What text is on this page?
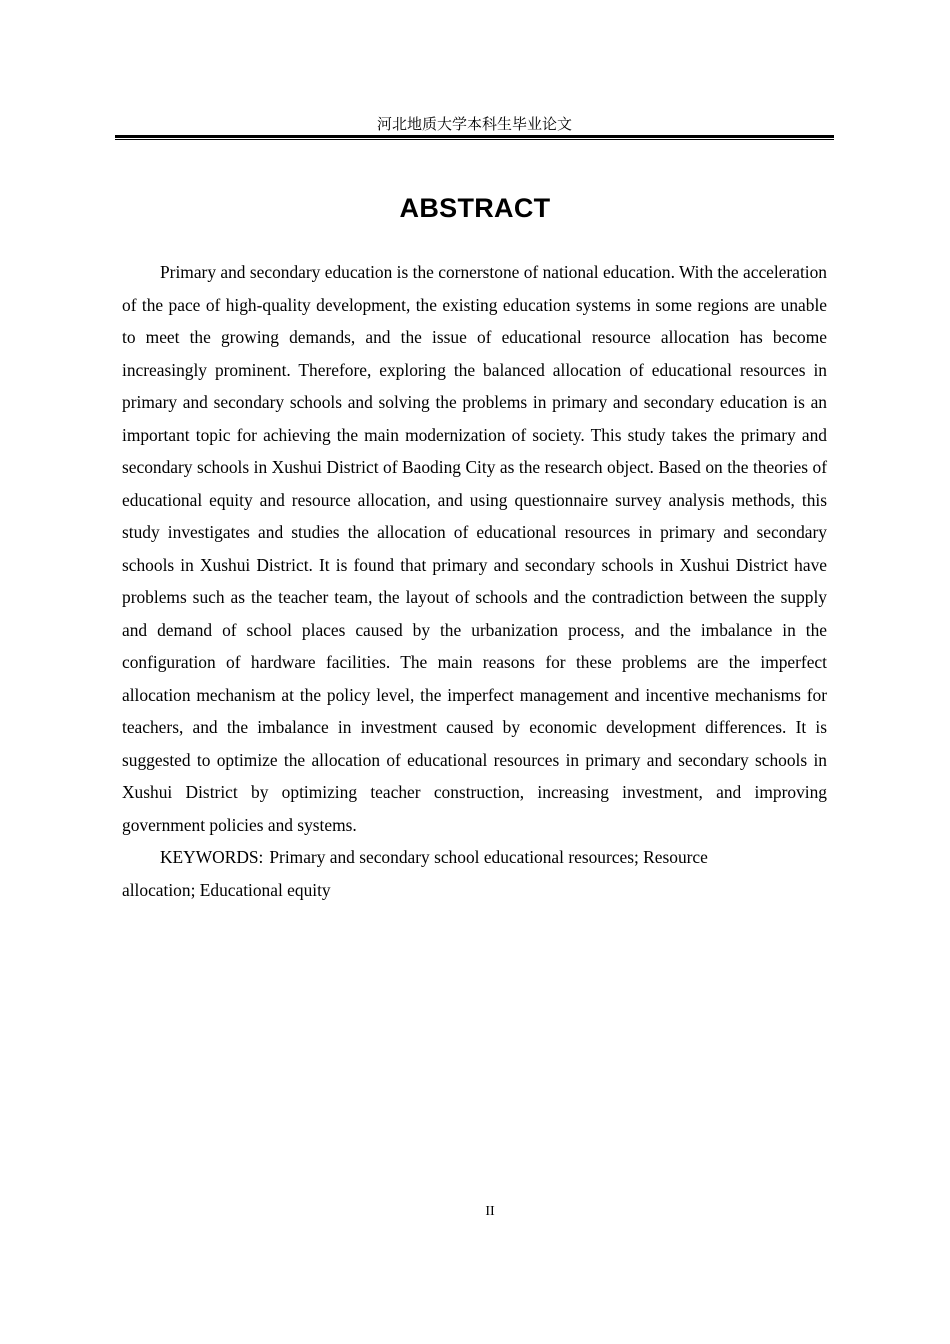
河北地质大学本科生毕业论文
ABSTRACT

Primary and secondary education is the cornerstone of national education. With the acceleration of the pace of high-quality development, the existing education systems in some regions are unable to meet the growing demands, and the issue of educational resource allocation has become increasingly prominent. Therefore, exploring the balanced allocation of educational resources in primary and secondary schools and solving the problems in primary and secondary education is an important topic for achieving the main modernization of society. This study takes the primary and secondary schools in Xushui District of Baoding City as the research object. Based on the theories of educational equity and resource allocation, and using questionnaire survey analysis methods, this study investigates and studies the allocation of educational resources in primary and secondary schools in Xushui District. It is found that primary and secondary schools in Xushui District have problems such as the teacher team, the layout of schools and the contradiction between the supply and demand of school places caused by the urbanization process, and the imbalance in the configuration of hardware facilities. The main reasons for these problems are the imperfect allocation mechanism at the policy level, the imperfect management and incentive mechanisms for teachers, and the imbalance in investment caused by economic development differences. It is suggested to optimize the allocation of educational resources in primary and secondary schools in Xushui District by optimizing teacher construction, increasing investment, and improving government policies and systems.

KEYWORDS: Primary and secondary school educational resources; Resource allocation; Educational equity

II
